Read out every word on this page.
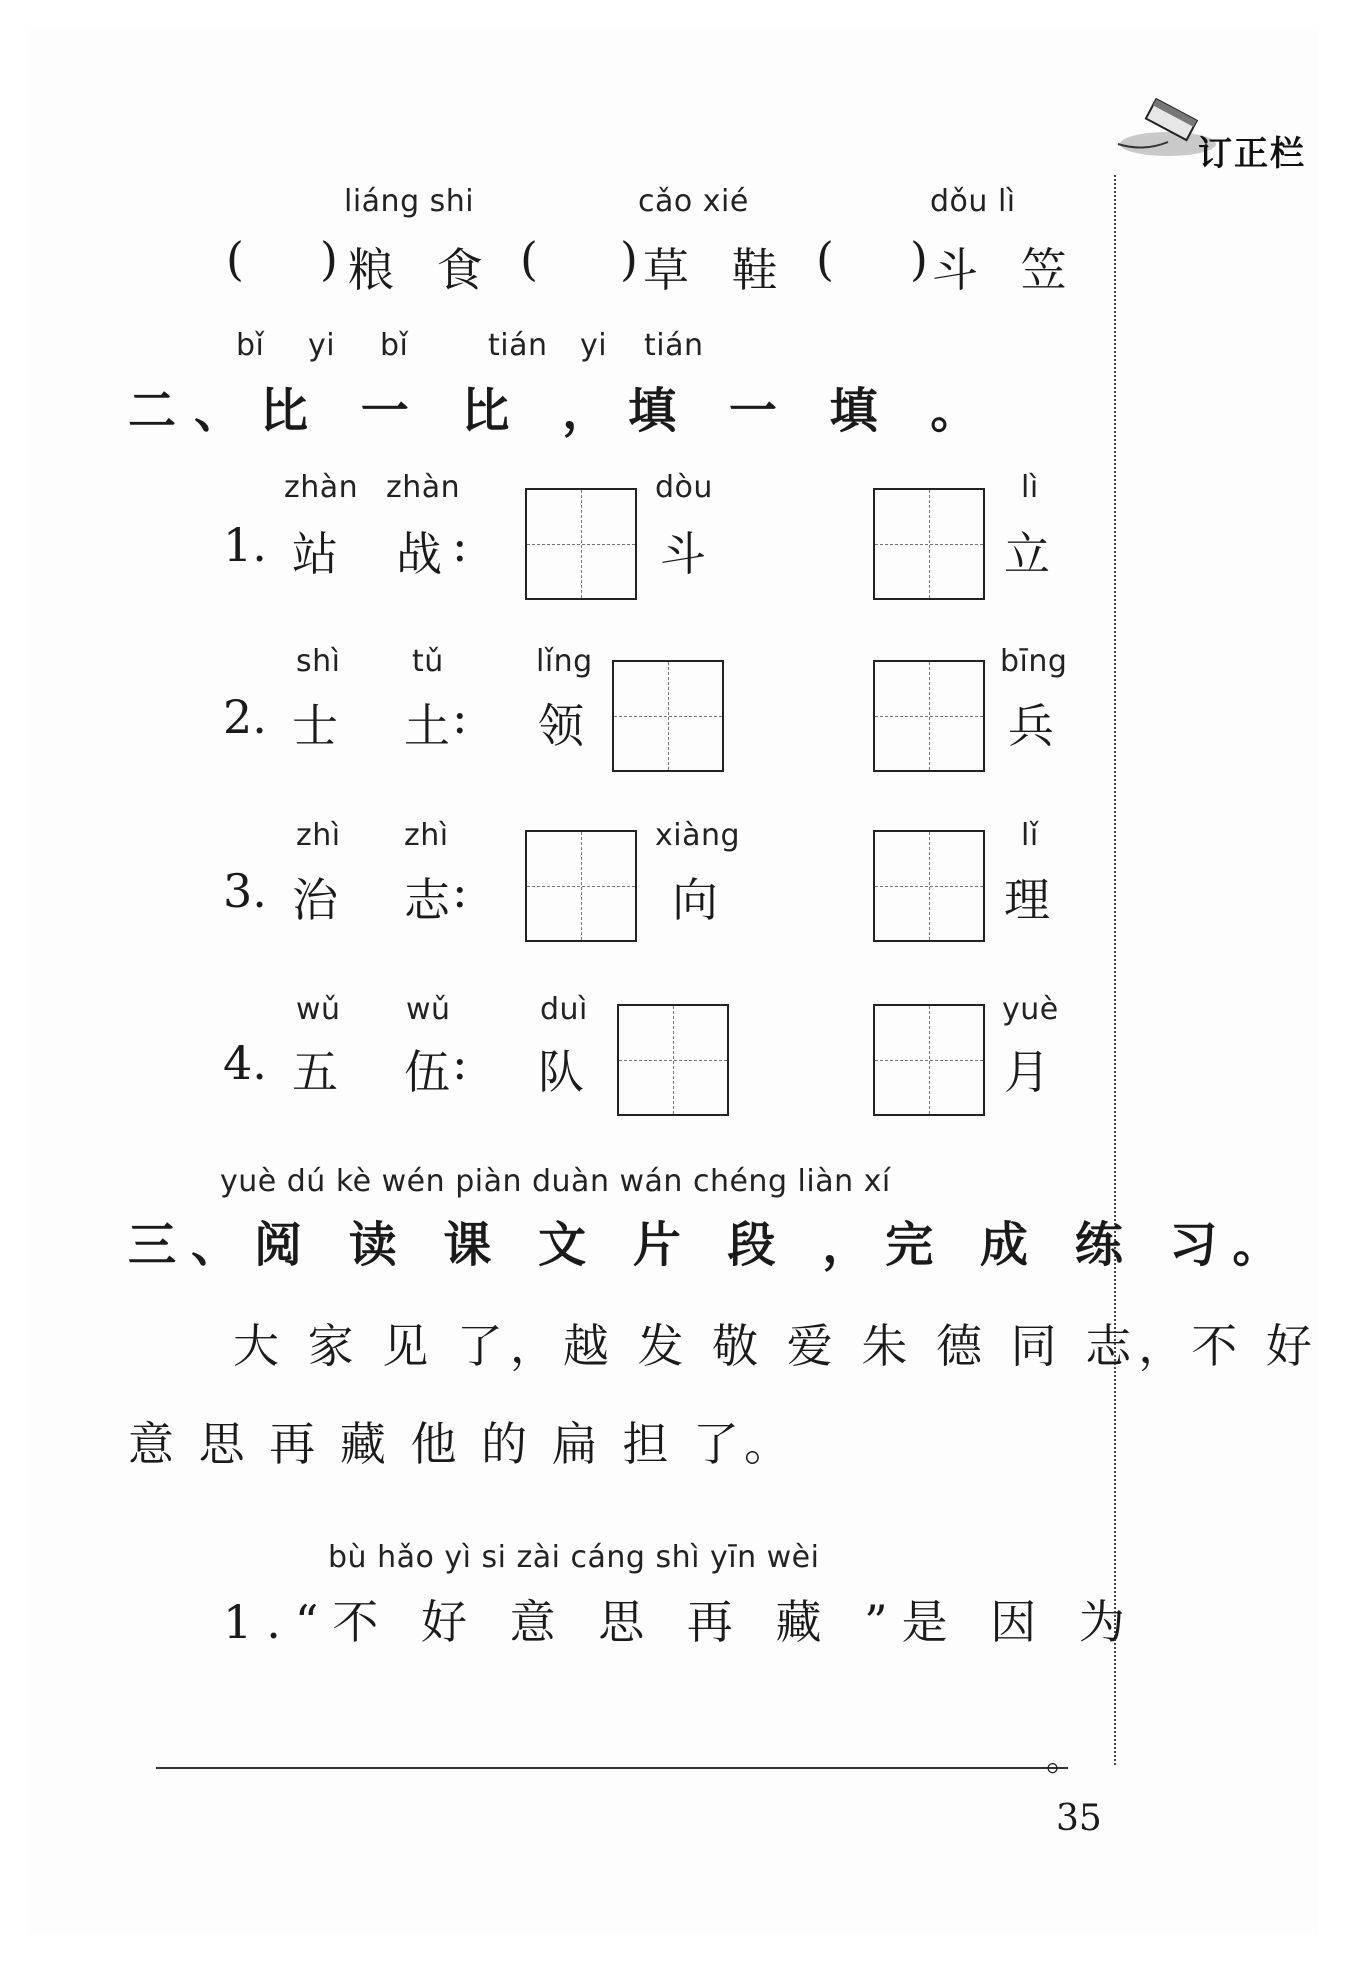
订正栏
liáng shi
( ) 粮 食
cǎo xié
( ) 草 鞋
dǒu lì
( ) 斗 笠
bǐ yi bǐ	tián yi tián
二、比 一 比 ，填 一 填 。
zhàn zhàn
1. 站 战 :
dòu
斗
lì
立
shì tǔ
2. 士 土 :
lǐng
领
bīng
兵
zhì zhì
3. 治 志 :
xiàng
向
lǐ
理
wǔ wǔ
4. 五 伍 :
duì
队
yuè
月
yuè dú kè wén piàn duàn wán chéng liàn xí
三、阅 读 课 文 片 段 ，完 成 练 习。
大 家 见 了，越 发 敬 爱 朱 德 同 志，不 好
意 思 再 藏 他 的 扁 担 了。
bù hǎo yì si zài cáng shì yīn wèi
1.“不 好 意 思 再 藏 ”是 因 为
。
35
